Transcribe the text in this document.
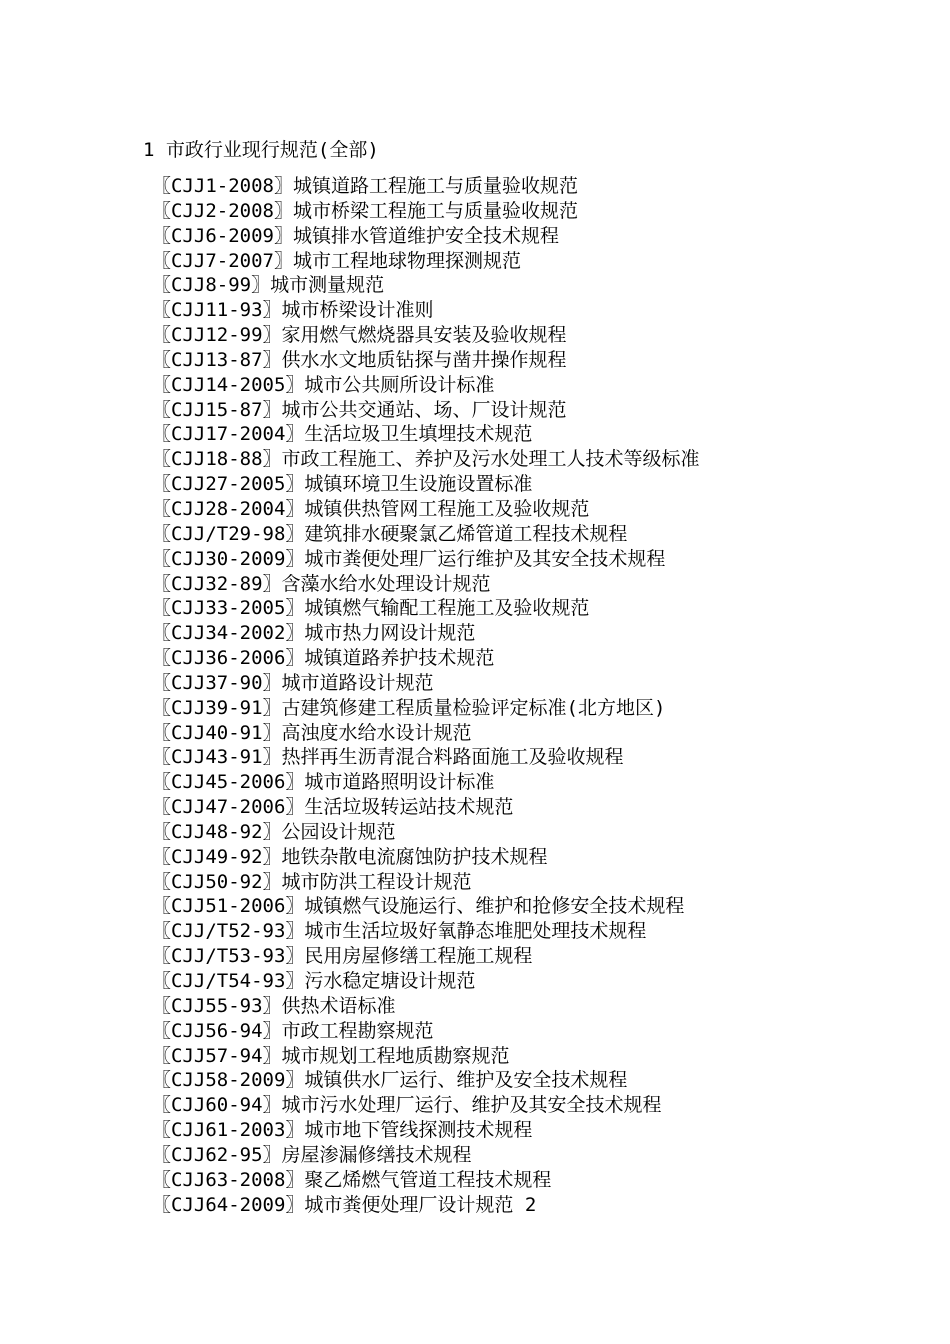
1 市政行业现行规范(全部)
〖CJJ1-2008〗城镇道路工程施工与质量验收规范
〖CJJ2-2008〗城市桥梁工程施工与质量验收规范
〖CJJ6-2009〗城镇排水管道维护安全技术规程
〖CJJ7-2007〗城市工程地球物理探测规范
〖CJJ8-99〗城市测量规范
〖CJJ11-93〗城市桥梁设计准则
〖CJJ12-99〗家用燃气燃烧器具安装及验收规程
〖CJJ13-87〗供水水文地质钻探与凿井操作规程
〖CJJ14-2005〗城市公共厕所设计标准
〖CJJ15-87〗城市公共交通站、场、厂设计规范
〖CJJ17-2004〗生活垃圾卫生填埋技术规范
〖CJJ18-88〗市政工程施工、养护及污水处理工人技术等级标准
〖CJJ27-2005〗城镇环境卫生设施设置标准
〖CJJ28-2004〗城镇供热管网工程施工及验收规范
〖CJJ/T29-98〗建筑排水硬聚氯乙烯管道工程技术规程
〖CJJ30-2009〗城市粪便处理厂运行维护及其安全技术规程
〖CJJ32-89〗含藻水给水处理设计规范
〖CJJ33-2005〗城镇燃气输配工程施工及验收规范
〖CJJ34-2002〗城市热力网设计规范
〖CJJ36-2006〗城镇道路养护技术规范
〖CJJ37-90〗城市道路设计规范
〖CJJ39-91〗古建筑修建工程质量检验评定标准(北方地区)
〖CJJ40-91〗高浊度水给水设计规范
〖CJJ43-91〗热拌再生沥青混合料路面施工及验收规程
〖CJJ45-2006〗城市道路照明设计标准
〖CJJ47-2006〗生活垃圾转运站技术规范
〖CJJ48-92〗公园设计规范
〖CJJ49-92〗地铁杂散电流腐蚀防护技术规程
〖CJJ50-92〗城市防洪工程设计规范
〖CJJ51-2006〗城镇燃气设施运行、维护和抢修安全技术规程
〖CJJ/T52-93〗城市生活垃圾好氧静态堆肥处理技术规程
〖CJJ/T53-93〗民用房屋修缮工程施工规程
〖CJJ/T54-93〗污水稳定塘设计规范
〖CJJ55-93〗供热术语标准
〖CJJ56-94〗市政工程勘察规范
〖CJJ57-94〗城市规划工程地质勘察规范
〖CJJ58-2009〗城镇供水厂运行、维护及安全技术规程
〖CJJ60-94〗城市污水处理厂运行、维护及其安全技术规程
〖CJJ61-2003〗城市地下管线探测技术规程
〖CJJ62-95〗房屋渗漏修缮技术规程
〖CJJ63-2008〗聚乙烯燃气管道工程技术规程
〖CJJ64-2009〗城市粪便处理厂设计规范 2
